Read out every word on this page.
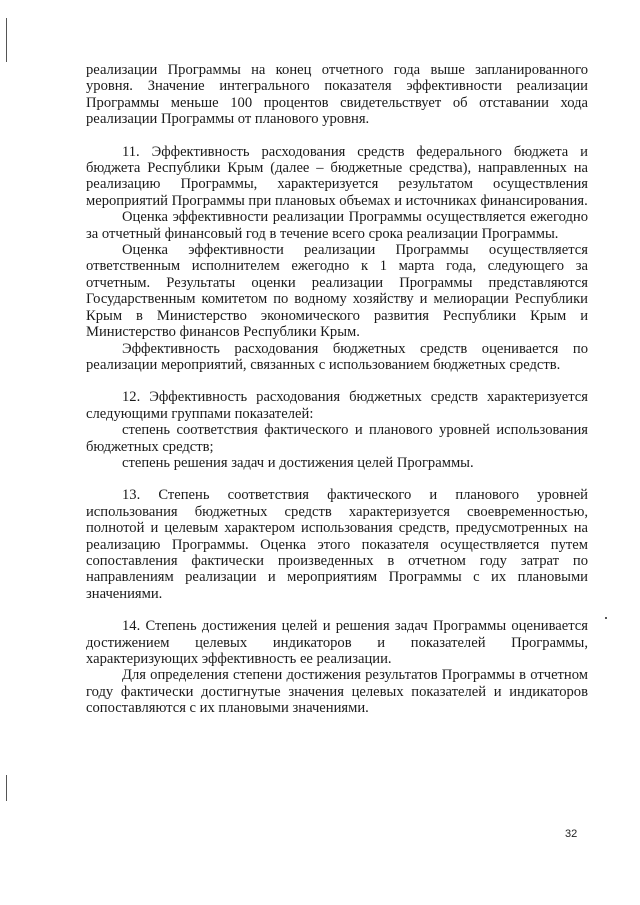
реализации Программы на конец отчетного года выше запланированного уровня. Значение интегрального показателя эффективности реализации Программы меньше 100 процентов свидетельствует об отставании хода реализации Программы от планового уровня.

11. Эффективность расходования средств федерального бюджета и бюджета Республики Крым (далее – бюджетные средства), направленных на реализацию Программы, характеризуется результатом осуществления мероприятий Программы при плановых объемах и источниках финансирования.

Оценка эффективности реализации Программы осуществляется ежегодно за отчетный финансовый год в течение всего срока реализации Программы.

Оценка эффективности реализации Программы осуществляется ответственным исполнителем ежегодно к 1 марта года, следующего за отчетным. Результаты оценки реализации Программы представляются Государственным комитетом по водному хозяйству и мелиорации Республики Крым в Министерство экономического развития Республики Крым и Министерство финансов Республики Крым.

Эффективность расходования бюджетных средств оценивается по реализации мероприятий, связанных с использованием бюджетных средств.

12. Эффективность расходования бюджетных средств характеризуется следующими группами показателей:

степень соответствия фактического и планового уровней использования бюджетных средств;

степень решения задач и достижения целей Программы.

13. Степень соответствия фактического и планового уровней использования бюджетных средств характеризуется своевременностью, полнотой и целевым характером использования средств, предусмотренных на реализацию Программы. Оценка этого показателя осуществляется путем сопоставления фактически произведенных в отчетном году затрат по направлениям реализации и мероприятиям Программы с их плановыми значениями.

14. Степень достижения целей и решения задач Программы оценивается достижением целевых индикаторов и показателей Программы, характеризующих эффективность ее реализации.

Для определения степени достижения результатов Программы в отчетном году фактически достигнутые значения целевых показателей и индикаторов сопоставляются с их плановыми значениями.

32
